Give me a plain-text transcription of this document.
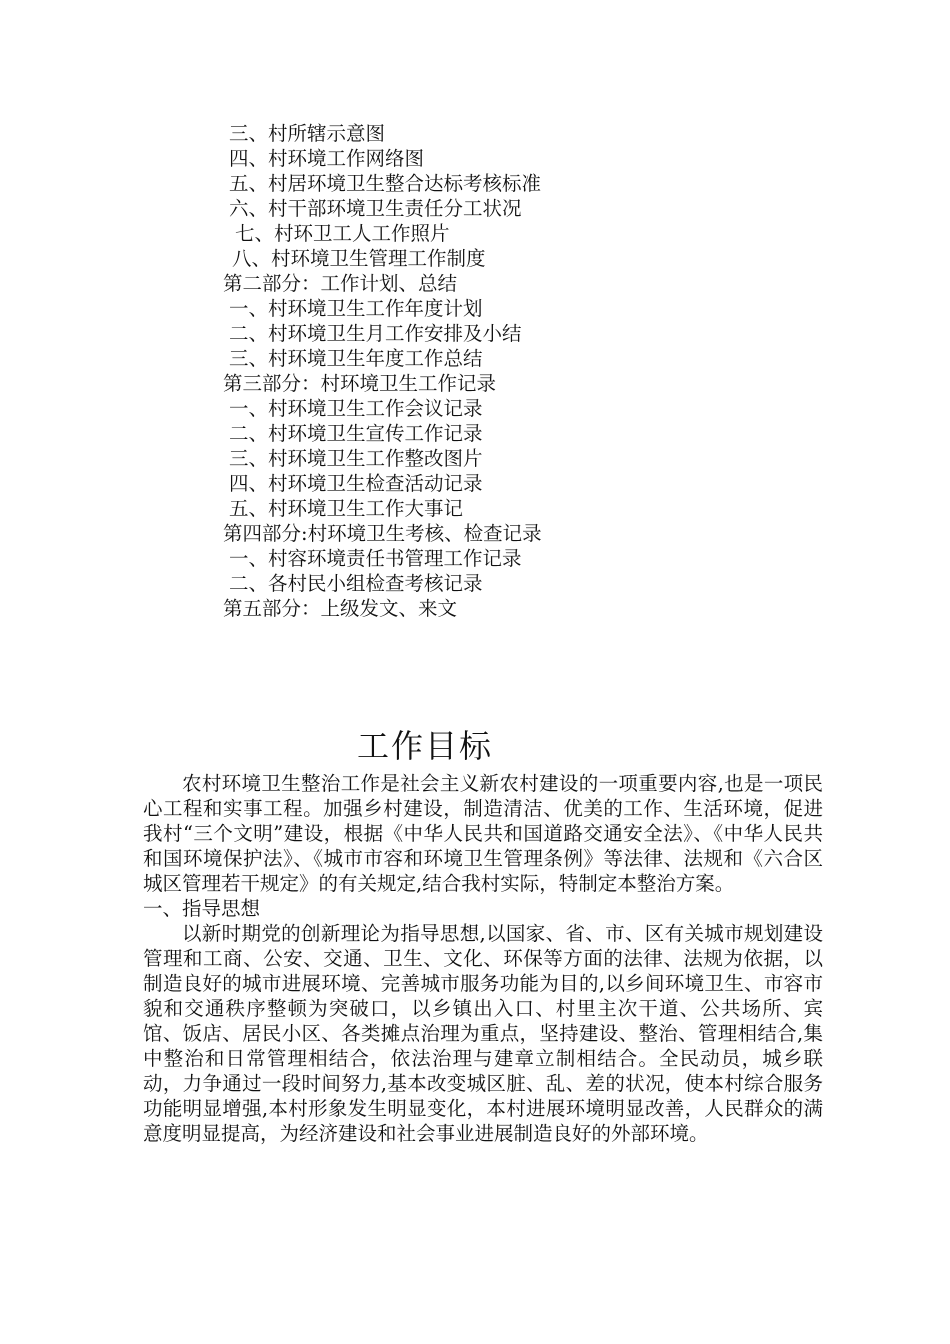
三、村所辖示意图
四、村环境工作网络图
五、村居环境卫生整合达标考核标准
六、村干部环境卫生责任分工状况
七、村环卫工人工作照片
八、村环境卫生管理工作制度
第二部分：工作计划、总结
一、村环境卫生工作年度计划
二、村环境卫生月工作安排及小结
三、村环境卫生年度工作总结
第三部分：村环境卫生工作记录
一、村环境卫生工作会议记录
二、村环境卫生宣传工作记录
三、村环境卫生工作整改图片
四、村环境卫生检查活动记录
五、村环境卫生工作大事记
第四部分:村环境卫生考核、检查记录
一、村容环境责任书管理工作记录
二、各村民小组检查考核记录
第五部分：上级发文、来文
工作目标

农村环境卫生整治工作是社会主义新农村建设的一项重要内容,也是一项民心工程和实事工程。加强乡村建设，制造清洁、优美的工作、生活环境，促进我村“三个文明”建设，根据《中华人民共和国道路交通安全法》、《中华人民共和国环境保护法》、《城市市容和环境卫生管理条例》等法律、法规和《六合区城区管理若干规定》的有关规定,结合我村实际，特制定本整治方案。

一、指导思想

以新时期党的创新理论为指导思想,以国家、省、市、区有关城市规划建设管理和工商、公安、交通、卫生、文化、环保等方面的法律、法规为依据，以制造良好的城市进展环境、完善城市服务功能为目的,以乡间环境卫生、市容市貌和交通秩序整顿为突破口，以乡镇出入口、村里主次干道、公共场所、宾馆、饭店、居民小区、各类摊点治理为重点，坚持建设、整治、管理相结合,集中整治和日常管理相结合，依法治理与建章立制相结合。全民动员，城乡联动，力争通过一段时间努力,基本改变城区脏、乱、差的状况，使本村综合服务功能明显增强,本村形象发生明显变化，本村进展环境明显改善，人民群众的满意度明显提高，为经济建设和社会事业进展制造良好的外部环境。
